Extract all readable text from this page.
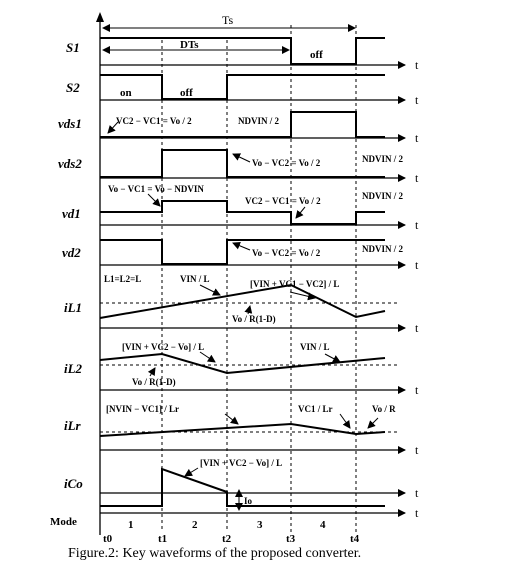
Ts
DTs
S1
t
off
S2
t
on	off
vds1
t
VC2 − VC1 = Vo / 2	NDVIN / 2
vds2
t
Vo − VC2 = Vo / 2	NDVIN / 2
vd1
t
Vo − VC1 = Vo − NDVIN
VC2 − VC1 = Vo / 2	NDVIN / 2
vd2
t
Vo − VC2 = Vo / 2	NDVIN / 2
iL1
t
L1=L2=L	VIN / L	[VIN + VC1 − VC2] / L
Vo / R(1-D)
iL2
t
[VIN + VC2 − Vo] / L	VIN / L
Vo / R(1-D)
iLr
t
[NVIN − VC1] / Lr	VC1 / Lr	Vo / R
iCo
t
[VIN + VC2 − Vo] / L
Io
Mode
t
1	2	3	4
t0	t1	t2	t3	t4
Figure.2: Key waveforms of the proposed converter.
